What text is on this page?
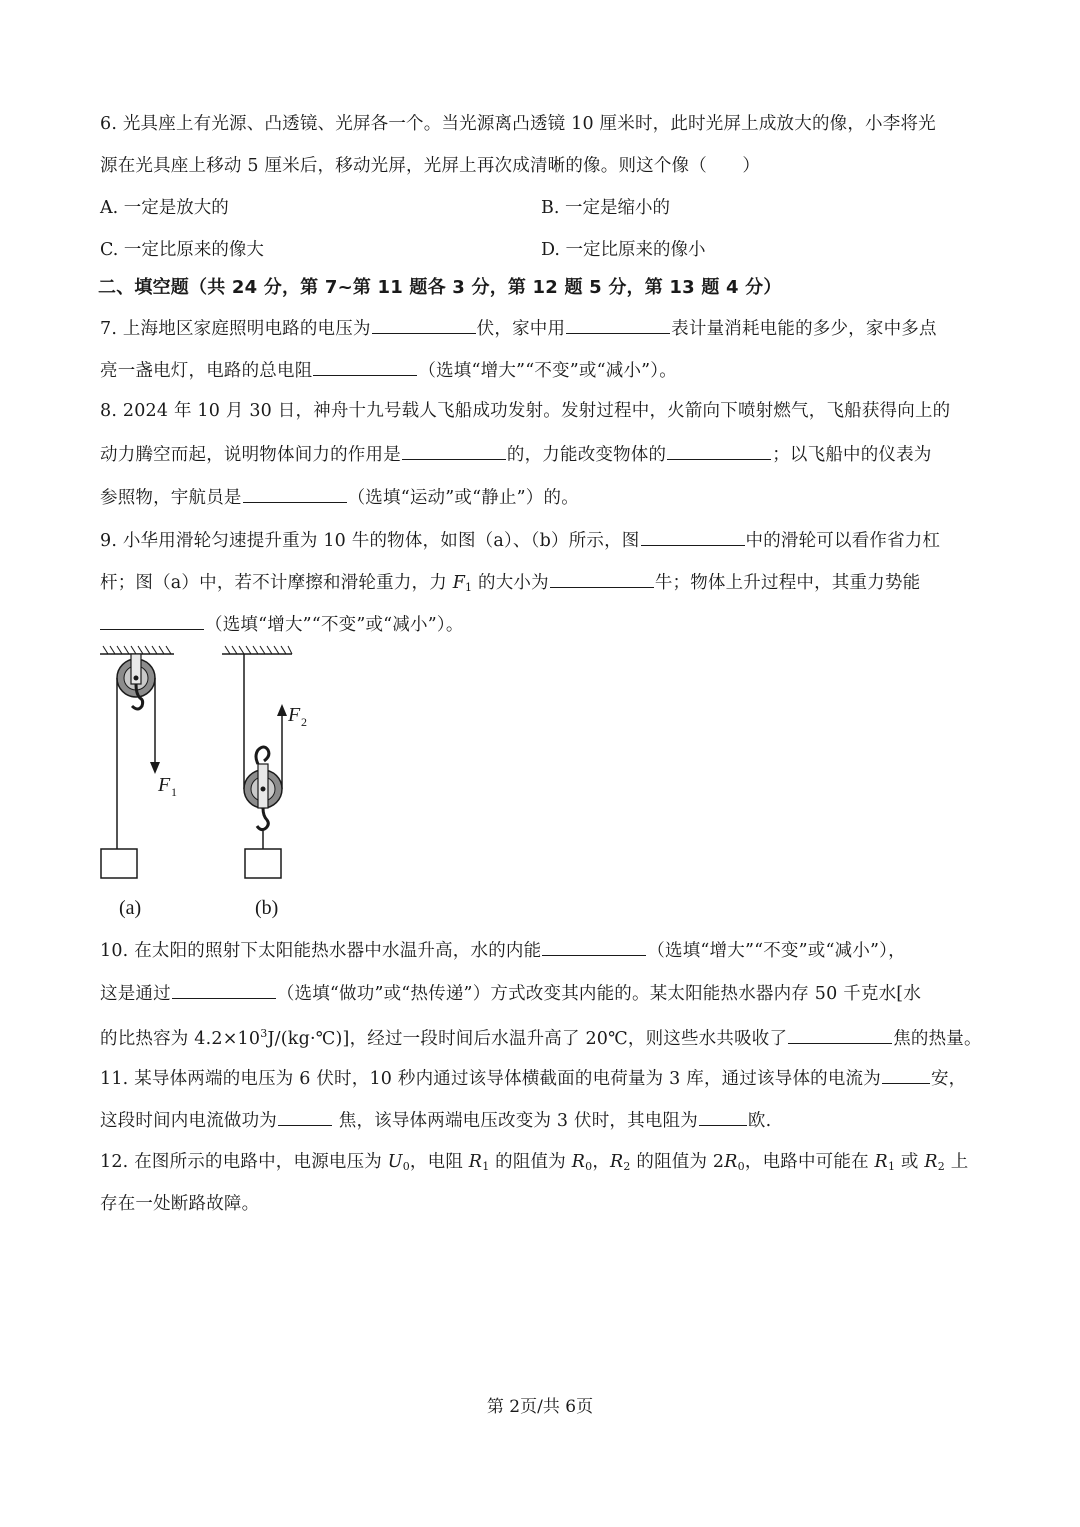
6. 光具座上有光源、凸透镜、光屏各一个。当光源离凸透镜 10 厘米时，此时光屏上成放大的像，小李将光
源在光具座上移动 5 厘米后，移动光屏，光屏上再次成清晰的像。则这个像（　　）
A. 一定是放大的	B. 一定是缩小的
C. 一定比原来的像大	D. 一定比原来的像小
二、填空题（共 24 分，第 7~第 11 题各 3 分，第 12 题 5 分，第 13 题 4 分）
7. 上海地区家庭照明电路的电压为	伏，家中用	表计量消耗电能的多少，家中多点
亮一盏电灯，电路的总电阻	（选填“增大”“不变”或“减小”）。
8. 2024 年 10 月 30 日，神舟十九号载人飞船成功发射。发射过程中，火箭向下喷射燃气，飞船获得向上的
动力腾空而起，说明物体间力的作用是	的，力能改变物体的	；以飞船中的仪表为
参照物，宇航员是	（选填“运动”或“静止”）的。
9. 小华用滑轮匀速提升重为 10 牛的物体，如图（a）、（b）所示，图	中的滑轮可以看作省力杠
杆；图（a）中，若不计摩擦和滑轮重力，力 $F_1$ 的大小为	牛；物体上升过程中，其重力势能
（选填“增大”“不变”或“减小”）。
F 1
F 2
(a)	(b)
10. 在太阳的照射下太阳能热水器中水温升高，水的内能	（选填“增大”“不变”或“减小”），
这是通过	（选填“做功”或“热传递”）方式改变其内能的。某太阳能热水器内存 50 千克水[水
的比热容为 $4.2\times 10^3J/(kg\cdot℃)$]，经过一段时间后水温升高了 20℃，则这些水共吸收了	焦的热量。
11. 某导体两端的电压为 6 伏时，10 秒内通过该导体横截面的电荷量为 3 库，通过该导体的电流为	安，
这段时间内电流做功为	焦，该导体两端电压改变为 3 伏时，其电阻为	欧.
12. 在图所示的电路中，电源电压为 $U_0$，电阻 $R_1$ 的阻值为 $R_0$，$R_2$ 的阻值为 $2R_0$，电路中可能在 $R_1$ 或 $R_2$ 上
存在一处断路故障。
第 2页/共 6页
